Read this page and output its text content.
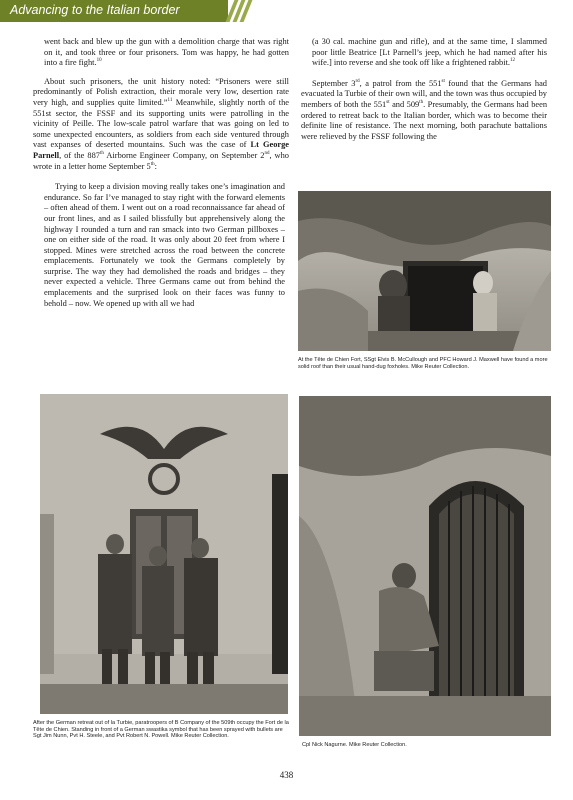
Advancing to the Italian border

went back and blew up the gun with a demolition charge that was right on it, and took three or four prisoners. Tom was happy, he had gotten into a fire fight.$^{10}$

About such prisoners, the unit history noted: “Prisoners were still predominantly of Polish extraction, their morale very low, desertion rate very high, and supplies quite limited.”$^{11}$ Meanwhile, slightly north of the 551st sector, the FSSF and its supporting units were patrolling in the vicinity of Peille. The low-scale patrol warfare that was going on led to some unexpected encounters, as soldiers from each side ventured through vast expanses of deserted mountains. Such was the case of Lt George Parnell, of the 887th Airborne Engineer Company, on September 2nd, who wrote in a letter home September 5th:

Trying to keep a division moving really takes one’s imagination and endurance. So far I’ve managed to stay right with the forward elements – often ahead of them. I went out on a road reconnaissance far ahead of our front lines, and as I sailed blissfully but apprehensively along the highway I rounded a turn and ran smack into two German pillboxes – one on either side of the road. It was only about 20 feet from where I stopped. Mines were stretched across the road between the concrete emplacements. Fortunately we took the Germans completely by surprise. The way they had demolished the roads and bridges – they never expected a vehicle. Three Germans came out from behind the emplacements and the surprised look on their faces was funny to behold – now. We opened up with all we had

(a 30 cal. machine gun and rifle), and at the same time, I slammed poor little Beatrice [Lt Parnell’s jeep, which he had named after his wife.] into reverse and she took off like a frightened rabbit.$^{12}$

September 3rd, a patrol from the 551st found that the Germans had evacuated la Turbie of their own will, and the town was thus occupied by members of both the 551st and 509th. Presumably, the Germans had been ordered to retreat back to the Italian border, which was to become their definite line of resistance. The next morning, both parachute battalions were relieved by the FSSF following the

At the Tête de Chien Fort, SSgt Elvis B. McCullough and PFC Howard J. Maxwell have found a more solid roof than their usual hand-dug foxholes. Mike Reuter Collection.
After the German retreat out of la Turbie, paratroopers of B Company of the 509th occupy the Fort de la Tête de Chien. Standing in front of a German swastika symbol that has been sprayed with bullets are Sgt Jim Nunn, Pvt H. Steele, and Pvt Robert N. Powell. Mike Reuter Collection.
Cpl Nick Nagurne. Mike Reuter Collection.
438
